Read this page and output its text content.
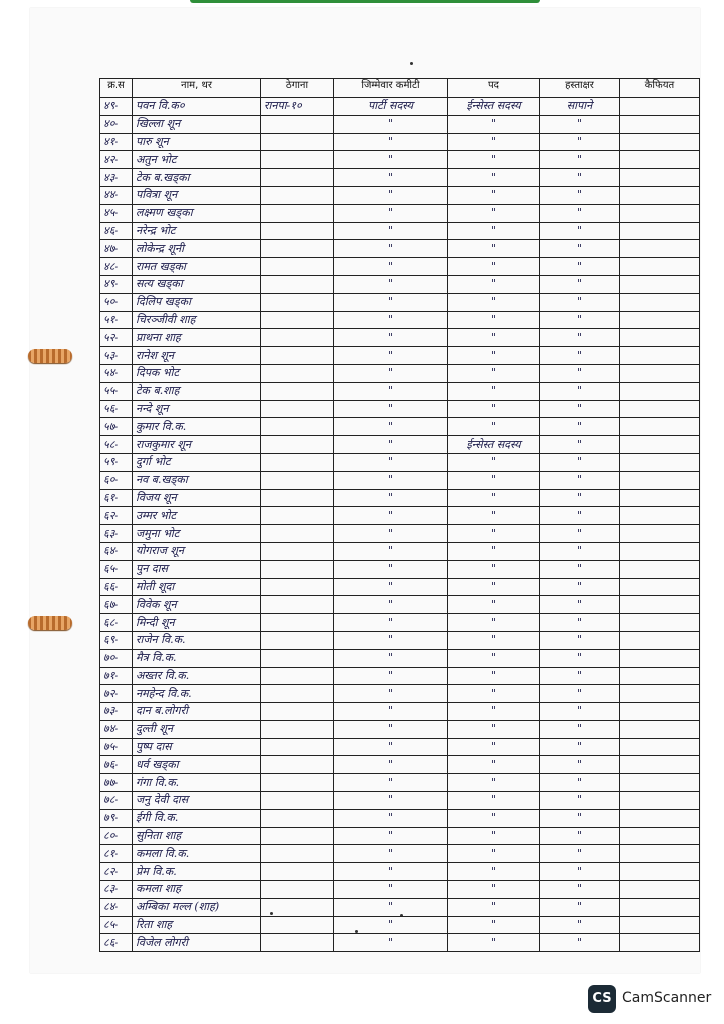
क्र.स	नाम, थर	ठेगाना	जिम्मेवार कमीटी	पद	हस्ताक्षर	कैफियत
४९-	पवन वि.क०	रानपा-१०	पार्टी सदस्य	ईन्सेस्त सदस्य	सापाने	
४०-	खिल्ला शून		"	"	"	
४१-	पारु शून		"	"	"	
४२-	अतुन भोट		"	"	"	
४३-	टेक ब.खड्का		"	"	"	
४४-	पवित्रा शून		"	"	"	
४५-	लक्ष्मण खड्का		"	"	"	
४६-	नरेन्द्र भोट		"	"	"	
४७-	लोकेन्द्र शूनी		"	"	"	
४८-	रामत खड्का		"	"	"	
४९-	सत्य खड्का		"	"	"	
५०-	दिलिप खड्का		"	"	"	
५१-	चिरञ्जीवी शाह		"	"	"	
५२-	प्राथना शाह		"	"	"	
५३-	रानेश शून		"	"	"	
५४-	दिपक भोट		"	"	"	
५५-	टेक ब.शाह		"	"	"	
५६-	नन्दे शून		"	"	"	
५७-	कुमार वि.क.		"	"	"	
५८-	राजकुमार शून		"	ईन्सेस्त सदस्य	"	
५९-	दुर्गा भोट		"	"	"	
६०-	नव ब.खड्का		"	"	"	
६१-	विजय शून		"	"	"	
६२-	उम्मर भोट		"	"	"	
६३-	जमुना भोट		"	"	"	
६४-	योगराज शून		"	"	"	
६५-	पुन दास		"	"	"	
६६-	मोती शूदा		"	"	"	
६७-	विवेक शून		"	"	"	
६८-	मिन्दी शून		"	"	"	
६९-	राजेन वि.क.		"	"	"	
७०-	मैत्र वि.क.		"	"	"	
७१-	अख्तर वि.क.		"	"	"	
७२-	नमहेन्द वि.क.		"	"	"	
७३-	दान ब.लोगरी		"	"	"	
७४-	दुल्ती शून		"	"	"	
७५-	पुष्प दास		"	"	"	
७६-	धर्व खड्का		"	"	"	
७७-	गंगा वि.क.		"	"	"	
७८-	जनु देवी दास		"	"	"	
७९-	ईगी वि.क.		"	"	"	
८०-	सुनिता शाह		"	"	"	
८१-	कमला वि.क.		"	"	"	
८२-	प्रेम वि.क.		"	"	"	
८३-	कमला शाह		"	"	"	
८४-	अम्बिका मल्ल (शाह)		"	"	"	
८५-	रिता शाह		"	"	"	
८६-	विजेल लोगरी		"	"	"	
CS CamScanner
